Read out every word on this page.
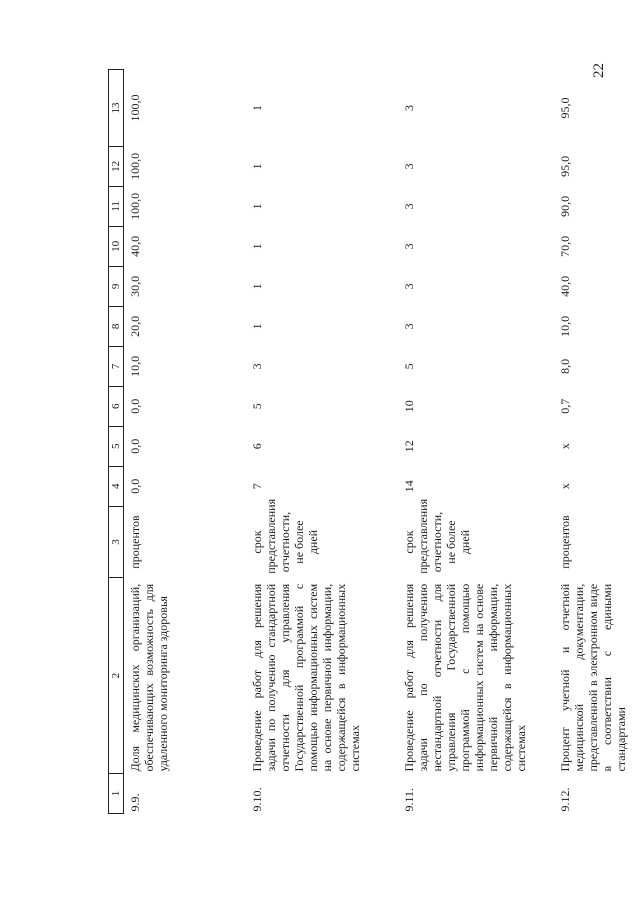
22
1	2	3	4	5	6	7	8	9	10	11	12	13
9.9.	Доля медицинских организаций, обеспечивающих возможность для удаленного мониторинга здоровья	процентов	0,0	0,0	0,0	10,0	20,0	30,0	40,0	100,0	100,0	100,0
9.10.	Проведение работ для решения задачи по получению стандартной отчетности для управления Государственной программой с помощью информационных систем на основе первичной информации, содержащейся в информационных системах	срок представления отчетности, не более дней	7	6	5	3	1	1	1	1	1	1
9.11.	Проведение работ для решения задачи по получению нестандартной отчетности для управления Государственной программой с помощью информационных систем на основе первичной информации, содержащейся в информационных системах	срок представления отчетности, не более дней	14	12	10	5	3	3	3	3	3	3
9.12.	Процент учетной и отчетной медицинской документации, представленной в электронном виде в соответствии с едиными стандартами	процентов	x	x	0,7	8,0	10,0	40,0	70,0	90,0	95,0	95,0
